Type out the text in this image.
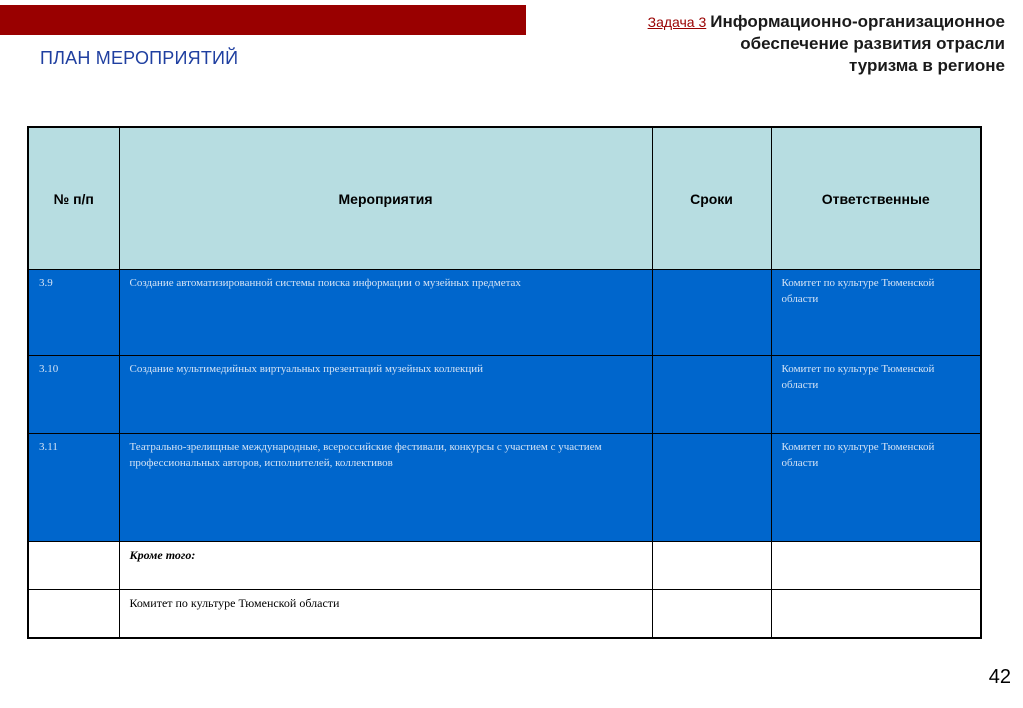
Задача 3 Информационно-организационное
обеспечение развития отрасли
туризма в регионе
ПЛАН МЕРОПРИЯТИЙ
№ п/п	Мероприятия	Сроки	Ответственные

3.9	Создание автоматизированной системы поиска информации о музейных предметах		Комитет по культуре Тюменской области

3.10	Создание мультимедийных виртуальных презентаций музейных коллекций		Комитет по культуре Тюменской области

3.11	Театрально-зрелищные международные, всероссийские фестивали, конкурсы с участием с участием профессиональных авторов, исполнителей, коллективов		Комитет по культуре Тюменской области

	Кроме того:		

	Комитет по культуре Тюменской области		

42
